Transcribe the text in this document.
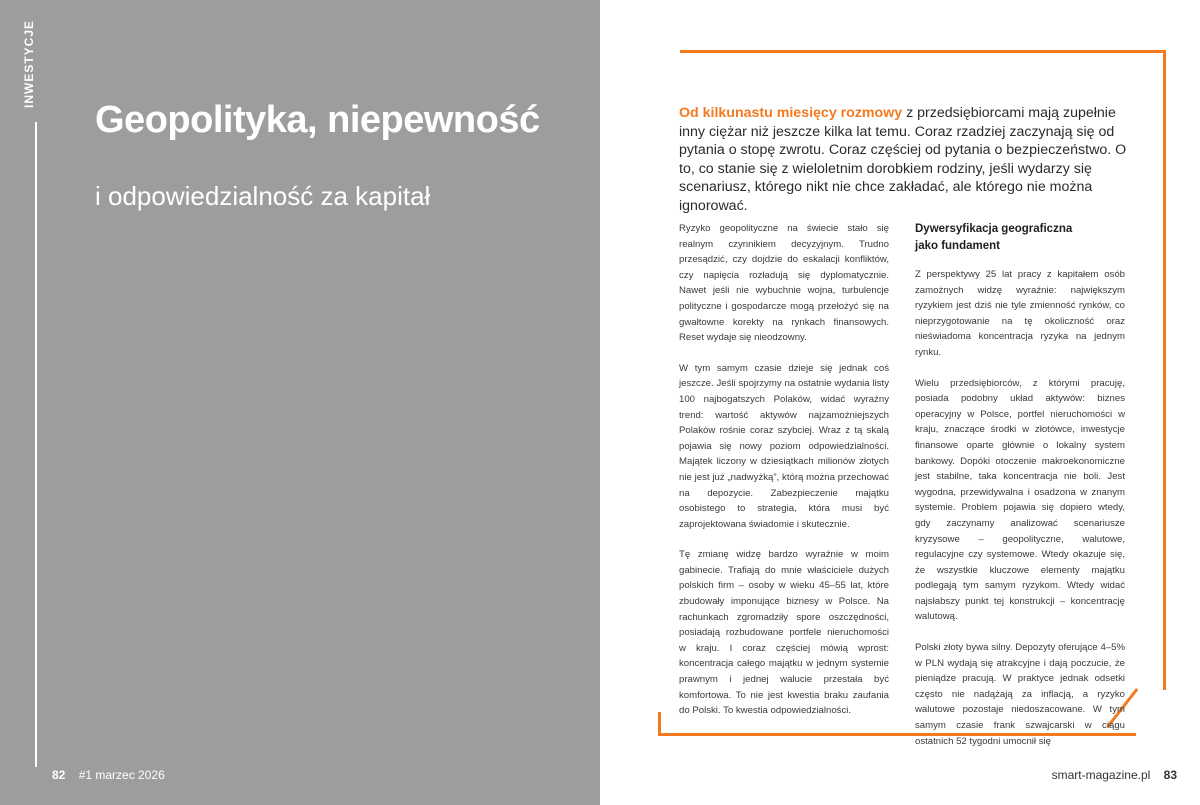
INWESTYCJE
Geopolityka, niepewność
i odpowiedzialność za kapitał
82 #1 marzec 2026
Od kilkunastu miesięcy rozmowy z przedsiębiorcami mają zupełnie inny ciężar niż jeszcze kilka lat temu. Coraz rzadziej zaczynają się od pytania o stopę zwrotu. Coraz częściej od pytania o bezpieczeństwo. O to, co stanie się z wieloletnim dorobkiem rodziny, jeśli wydarzy się scenariusz, którego nikt nie chce zakładać, ale którego nie można ignorować.

Ryzyko geopolityczne na świecie stało się realnym czynnikiem decyzyjnym. Trudno przesądzić, czy dojdzie do eskalacji konfliktów, czy napięcia rozładują się dyplomatycznie. Nawet jeśli nie wybuchnie wojna, turbulencje polityczne i gospodarcze mogą przełożyć się na gwałtowne korekty na rynkach finansowych. Reset wydaje się nieodzowny.

W tym samym czasie dzieje się jednak coś jeszcze. Jeśli spojrzymy na ostatnie wydania listy 100 najbogatszych Polaków, widać wyraźny trend: wartość aktywów najzamożniejszych Polaków rośnie coraz szybciej. Wraz z tą skalą pojawia się nowy poziom odpowiedzialności. Majątek liczony w dziesiątkach milionów złotych nie jest już „nadwyżką”, którą można przechować na depozycie. Zabezpieczenie majątku osobistego to strategia, która musi być zaprojektowana świadomie i skutecznie.

Tę zmianę widzę bardzo wyraźnie w moim gabinecie. Trafiają do mnie właściciele dużych polskich firm – osoby w wieku 45–55 lat, które zbudowały imponujące biznesy w Polsce. Na rachunkach zgromadziły spore oszczędności, posiadają rozbudowane portfele nieruchomości w kraju. I coraz częściej mówią wprost: koncentracja całego majątku w jednym systemie prawnym i jednej walucie przestała być komfortowa. To nie jest kwestia braku zaufania do Polski. To kwestia odpowiedzialności.

Dywersyfikacja geograficzna jako fundament

Z perspektywy 25 lat pracy z kapitałem osób zamożnych widzę wyraźnie: największym ryzykiem jest dziś nie tyle zmienność rynków, co nieprzygotowanie na tę okoliczność oraz nieświadoma koncentracja ryzyka na jednym rynku.

Wielu przedsiębiorców, z którymi pracuję, posiada podobny układ aktywów: biznes operacyjny w Polsce, portfel nieruchomości w kraju, znaczące środki w złotówce, inwestycje finansowe oparte głównie o lokalny system bankowy. Dopóki otoczenie makroekonomiczne jest stabilne, taka koncentracja nie boli. Jest wygodna, przewidywalna i osadzona w znanym systemie. Problem pojawia się dopiero wtedy, gdy zaczynamy analizować scenariusze kryzysowe – geopolityczne, walutowe, regulacyjne czy systemowe. Wtedy okazuje się, że wszystkie kluczowe elementy majątku podlegają tym samym ryzykom. Wtedy widać najsłabszy punkt tej konstrukcji – koncentrację walutową.

Polski złoty bywa silny. Depozyty oferujące 4–5% w PLN wydają się atrakcyjne i dają poczucie, że pieniądze pracują. W praktyce jednak odsetki często nie nadążają za inflacją, a ryzyko walutowe pozostaje niedoszacowane. W tym samym czasie frank szwajcarski w ciągu ostatnich 52 tygodni umocnił się

smart-magazine.pl 83
